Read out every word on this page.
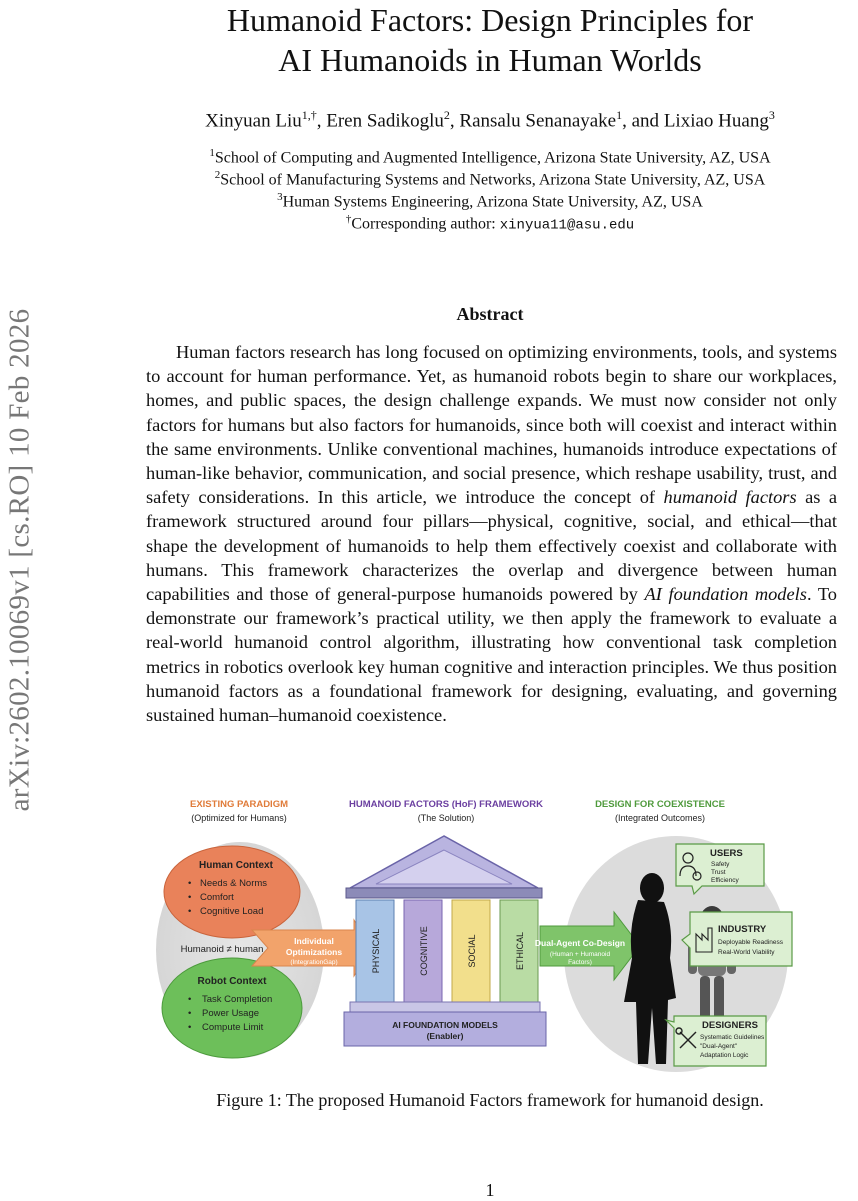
arXiv:2602.10069v1 [cs.RO] 10 Feb 2026
Humanoid Factors: Design Principles for
AI Humanoids in Human Worlds
Xinyuan Liu$^{1,\dagger}$, Eren Sadikoglu$^2$, Ransalu Senanayake$^1$, and Lixiao Huang$^3$
$^1$School of Computing and Augmented Intelligence, Arizona State University, AZ, USA
$^2$School of Manufacturing Systems and Networks, Arizona State University, AZ, USA
$^3$Human Systems Engineering, Arizona State University, AZ, USA
†Corresponding author: xinyua11@asu.edu
Abstract

Human factors research has long focused on optimizing environments, tools, and systems to account for human performance. Yet, as humanoid robots begin to share our workplaces, homes, and public spaces, the design challenge expands. We must now consider not only factors for humans but also factors for humanoids, since both will coexist and interact within the same environments. Unlike conventional machines, humanoids introduce expectations of human-like behavior, communication, and social presence, which reshape usability, trust, and safety considerations. In this article, we introduce the concept of humanoid factors as a framework structured around four pillars—physical, cognitive, social, and ethical—that shape the development of humanoids to help them effectively coexist and collaborate with humans. This framework characterizes the overlap and divergence between human capabilities and those of general-purpose humanoids powered by AI foundation models. To demonstrate our framework’s practical utility, we then apply the framework to evaluate a real-world humanoid control algorithm, illustrating how conventional task completion metrics in robotics overlook key human cognitive and interaction principles. We thus position humanoid factors as a foundational framework for designing, evaluating, and governing sustained human–humanoid coexistence.

EXISTING PARADIGM
(Optimized for Humans)
HUMANOID FACTORS (HoF) FRAMEWORK
(The Solution)
DESIGN FOR COEXISTENCE
(Integrated Outcomes)
Human Context
• Needs & Norms
• Comfort
• Cognitive Load
Humanoid ≠ human
Robot Context
• Task Completion
• Power Usage
• Compute Limit
Individual
Optimizations
(IntegrationGap)	PHYSICAL	COGNITIVE	SOCIAL	ETHICAL
AI FOUNDATION MODELS
(Enabler)
Dual-Agent Co-Design
(Human + Humanoid
Factors)
USERS
Safety
Trust
Efficiency
INDUSTRY
Deployable Readiness
Real-World Viability
DESIGNERS
Systematic Guidelines
"Dual-Agent"
Adaptation Logic
Figure 1: The proposed Humanoid Factors framework for humanoid design.
1
